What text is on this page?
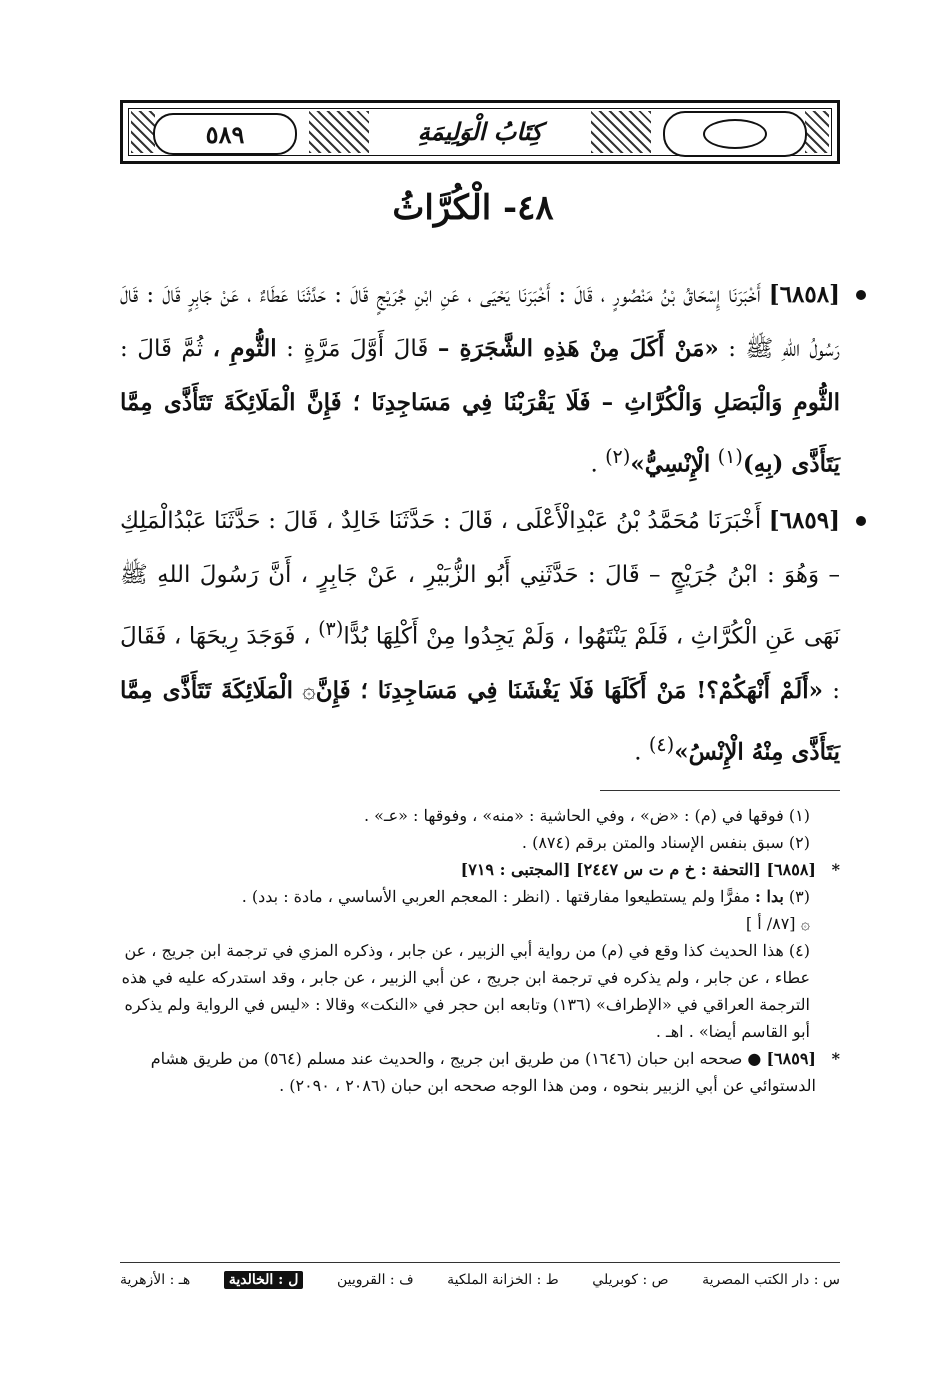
٥٨٩	كِتَابُ الْوَلِيمَةِ
٤٨- الْكُرَّاثُ
[٦٨٥٨] أَخْبَرَنَا إِسْحَاقُ بْنُ مَنْصُورٍ ، قَالَ : أَخْبَرَنَا يَحْيَى ، عَنِ ابْنِ جُرَيْجٍ قَالَ : حَدَّثَنَا عَطَاءٌ ، عَنْ جَابِرٍ قَالَ : قَالَ رَسُولُ اللهِ ﷺ : «مَنْ أَكَلَ مِنْ هَذِهِ الشَّجَرَةِ – قَالَ أَوَّلَ مَرَّةٍ : الثُّومِ ، ثُمَّ قَالَ : الثُّومِ وَالْبَصَلِ وَالْكُرَّاثِ – فَلَا يَقْرَبْنَا فِي مَسَاجِدِنَا ؛ فَإِنَّ الْمَلَائِكَةَ تَتَأَذَّى مِمَّا يَتَأَذَّى (بِهِ)$^{(١)}$ الْإِنْسِيُّ»$^{(٢)}$ .
[٦٨٥٩] أَخْبَرَنَا مُحَمَّدُ بْنُ عَبْدِالْأَعْلَى ، قَالَ : حَدَّثَنَا خَالِدٌ ، قَالَ : حَدَّثَنَا عَبْدُالْمَلِكِ – وَهُوَ : ابْنُ جُرَيْجٍ – قَالَ : حَدَّثَنِي أَبُو الزُّبَيْرِ ، عَنْ جَابِرٍ ، أَنَّ رَسُولَ اللهِ ﷺ نَهَى عَنِ الْكُرَّاثِ ، فَلَمْ يَنْتَهُوا ، وَلَمْ يَجِدُوا مِنْ أَكْلِهَا بُدًّا$^{(٣)}$ ، فَوَجَدَ رِيحَهَا ، فَقَالَ : «أَلَمْ أَنْهَكُمْ؟! مَنْ أَكَلَهَا فَلَا يَغْشَنَا فِي مَسَاجِدِنَا ؛ فَإِنَّ۞ الْمَلَائِكَةَ تَتَأَذَّى مِمَّا يَتَأَذَّى مِنْهُ الْإِنْسُ»$^{(٤)}$ .
(١) فوقها في (م) : «ض» ، وفي الحاشية : «منه» ، وفوقها : «عـ» .
(٢) سبق بنفس الإسناد والمتن برقم (٨٧٤) .
*
[٦٨٥٨] [التحفة : خ م ت س ٢٤٤٧] [المجتبى : ٧١٩]
(٣) بدا : مفرًّا ولم يستطيعوا مفارقتها . (انظر : المعجم العربي الأساسي ، مادة : بدد) .
۞ [٨٧/ أ ]
(٤) هذا الحديث كذا وقع في (م) من رواية أبي الزبير ، عن جابر ، وذكره المزي في ترجمة ابن جريج ، عن عطاء ، عن جابر ، ولم يذكره في ترجمة ابن جريج ، عن أبي الزبير ، عن جابر ، وقد استدركه عليه في هذه الترجمة العراقي في «الإطراف» (١٣٦) وتابعه ابن حجر في «النكت» وقالا : «ليس في الرواية ولم يذكره أبو القاسم أيضا» . اهـ .
*
[٦٨٥٩] ● صححه ابن حبان (١٦٤٦) من طريق ابن جريج ، والحديث عند مسلم (٥٦٤) من طريق هشام الدستوائي عن أبي الزبير بنحوه ، ومن هذا الوجه صححه ابن حبان (٢٠٨٦ ، ٢٠٩٠) .
س : دار الكتب المصرية
ص : كوبريلي
ط : الخزانة الملكية
ف : القرويين
ل : الخالدية
هـ : الأزهرية
